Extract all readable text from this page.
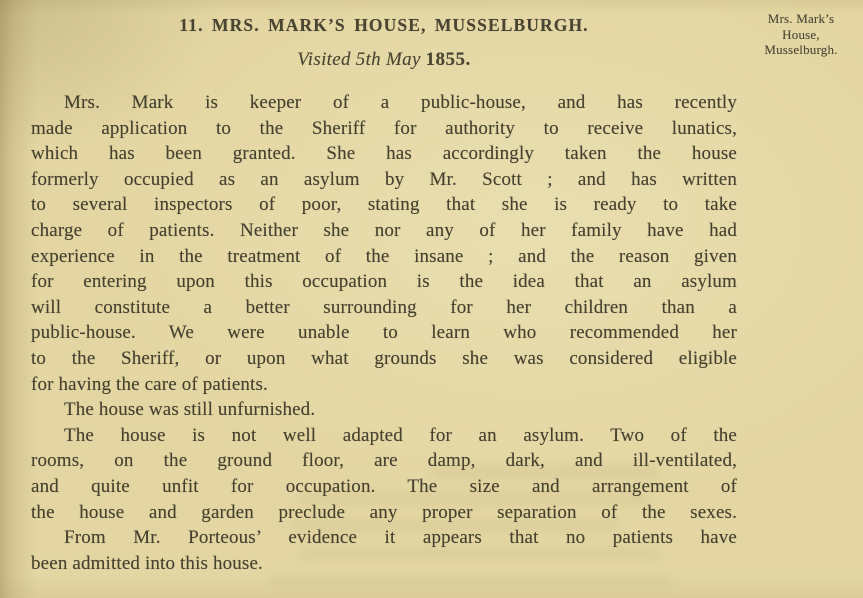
Mrs. Mark’s
House,
Musselburgh.
11. MRS. MARK’S HOUSE, MUSSELBURGH.
Visited 5th May 1855.
Mrs. Mark is keeper of a public-house, and has recently
made application to the Sheriff for authority to receive lunatics,
which has been granted. She has accordingly taken the house
formerly occupied as an asylum by Mr. Scott ; and has written
to several inspectors of poor, stating that she is ready to take
charge of patients. Neither she nor any of her family have had
experience in the treatment of the insane ; and the reason given
for entering upon this occupation is the idea that an asylum
will constitute a better surrounding for her children than a
public-house. We were unable to learn who recommended her
to the Sheriff, or upon what grounds she was considered eligible
for having the care of patients.
The house was still unfurnished.
The house is not well adapted for an asylum. Two of the
rooms, on the ground floor, are damp, dark, and ill-ventilated,
and quite unfit for occupation. The size and arrangement of
the house and garden preclude any proper separation of the sexes.
From Mr. Porteous’ evidence it appears that no patients have
been admitted into this house.
